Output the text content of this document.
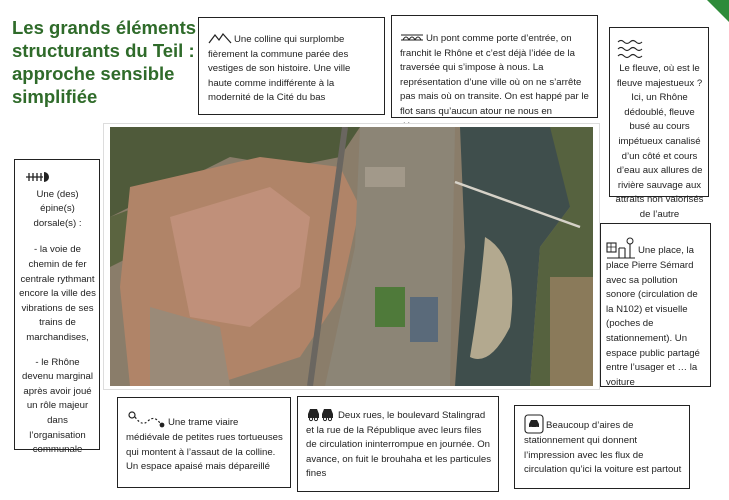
Les grands éléments structurants du Teil : approche sensible simplifiée
Une colline qui surplombe fièrement la commune parée des vestiges de son histoire. Une ville haute comme indifférente à la modernité de la Cité du bas
Un pont comme porte d’entrée, on franchit le Rhône et c’est déjà l’idée de la traversée qui s’impose à nous. La représentation d’une ville où on ne s’arrête pas mais où on transite. On est happé par le flot sans qu’aucun atour ne nous en
Le fleuve, où est le fleuve majestueux ? Ici, un Rhône dédoublé, fleuve busé au cours impétueux canalisé d’un côté et cours d’eau aux allures de rivière sauvage aux attraits non valorisés de l’autre
Une (des) épine(s) dorsale(s) :
- la voie de chemin de fer centrale rythmant encore la ville des vibrations de ses trains de marchandises,
- le Rhône devenu marginal après avoir joué un rôle majeur dans l’organisation communale
Une place, la place Pierre Sémard avec sa pollution sonore (circulation de la N102) et visuelle (poches de stationnement). Un espace public partagé entre l’usager et … la voiture
Une trame viaire médiévale de petites rues tortueuses qui montent à l’assaut de la colline. Un espace apaisé mais dépareillé
Deux rues, le boulevard Stalingrad et la rue de la République avec leurs files de circulation ininterrompue en journée. On avance, on fuit le brouhaha et les particules fines
Beaucoup d’aires de stationnement qui donnent l’impression avec les flux de circulation qu’ici la voiture est partout
